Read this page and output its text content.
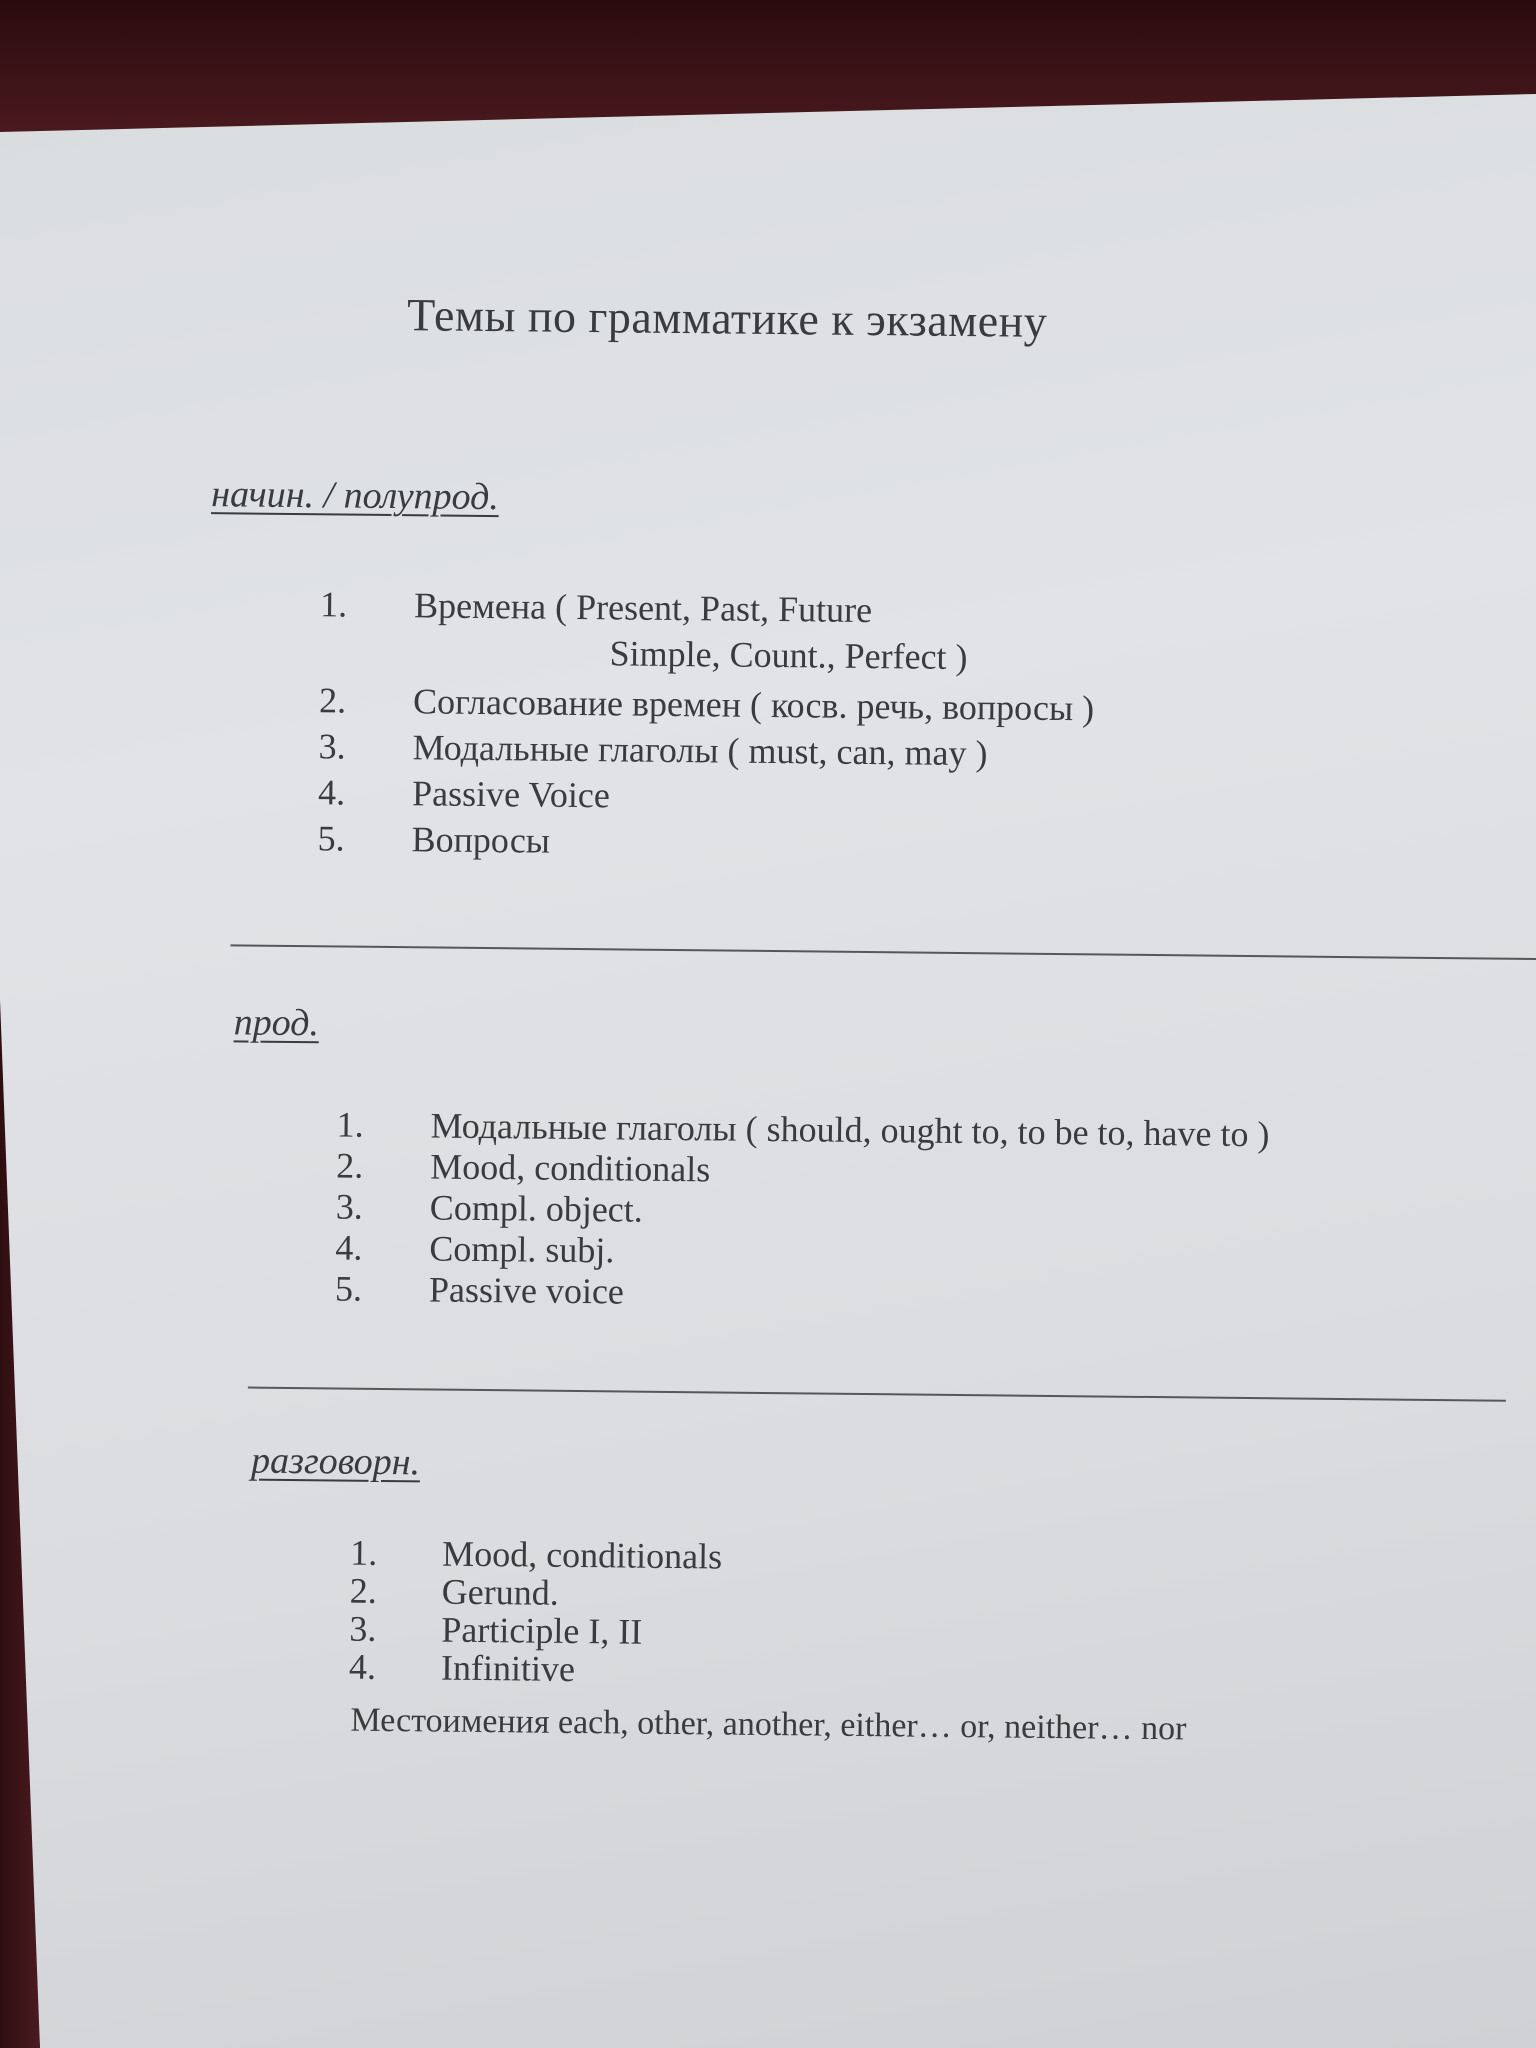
Темы по грамматике к экзамену
начин. / полупрод.
1. Времена ( Present, Past, Future
Simple, Count., Perfect )
2. Согласование времен ( косв. речь, вопросы )
3. Модальные глаголы ( must, can, may )
4. Passive Voice
5. Вопросы
прод.
1. Модальные глаголы ( should, ought to, to be to, have to )
2. Mood, conditionals
3. Compl. object.
4. Compl. subj.
5. Passive voice
разговорн.
1. Mood, conditionals
2. Gerund.
3. Participle I, II
4. Infinitive
Местоимения each, other, another, either… or, neither… nor
